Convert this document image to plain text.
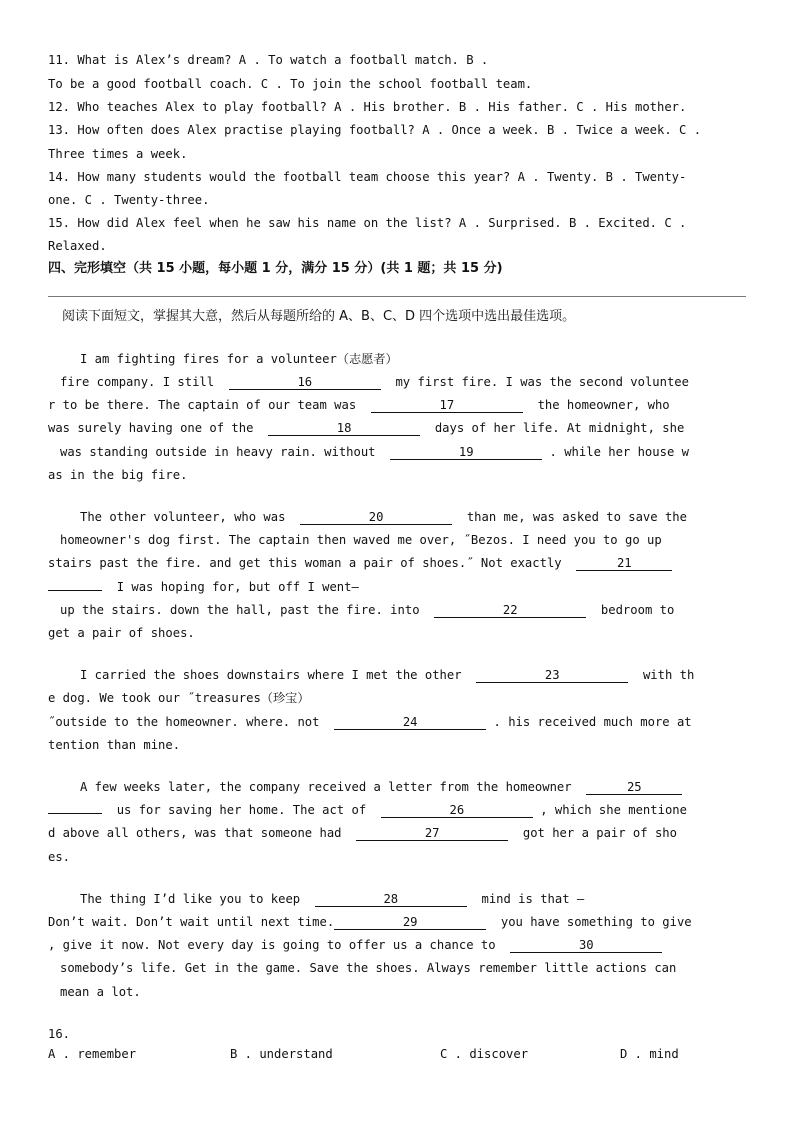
11. What is Alex’s dream? A . To watch a football match. B .
To be a good football coach. C . To join the school football team.
12. Who teaches Alex to play football? A . His brother. B . His father. C . His mother.
13. How often does Alex practise playing football? A . Once a week. B . Twice a week. C .
Three times a week.
14. How many students would the football team choose this year? A . Twenty. B . Twenty-
one. C . Twenty-three.
15. How did Alex feel when he saw his name on the list? A . Surprised. B . Excited. C .
Relaxed.
四、完形填空（共 15 小题，每小题 1 分，满分 15 分）(共 1 题；共 15 分)
阅读下面短文，掌握其大意，然后从每题所给的 A、B、C、D 四个选项中选出最佳选项。
I am fighting fires for a volunteer（志愿者）
fire company. I still	16	my first fire. I was the second voluntee
r to be there. The captain of our team was	17	the homeowner, who
was surely having one of the	18	days of her life. At midnight, she
was standing outside in heavy rain. without	19	. while her house w
as in the big fire.
The other volunteer, who was	20	than me, was asked to save the
homeowner's dog first. The captain then waved me over, ˝Bezos. I need you to go up
stairs past the fire. and get this woman a pair of shoes.˝ Not exactly	21
I was hoping for, but off I went—
up the stairs. down the hall, past the fire. into	22	bedroom to
get a pair of shoes.
I carried the shoes downstairs where I met the other	23	with th
e dog. We took our ˝treasures（珍宝）
˝outside to the homeowner. where. not	24	. his received much more at
tention than mine.
A few weeks later, the company received a letter from the homeowner	25
us for saving her home. The act of	26	, which she mentione
d above all others, was that someone had	27	got her a pair of sho
es.
The thing I’d like you to keep	28	mind is that —
Don’t wait. Don’t wait until next time.	29	you have something to give
, give it now. Not every day is going to offer us a chance to	30
somebody’s life. Get in the game. Save the shoes. Always remember little actions can
mean a lot.
16.
A . remember	B . understand	C . discover	D . mind
